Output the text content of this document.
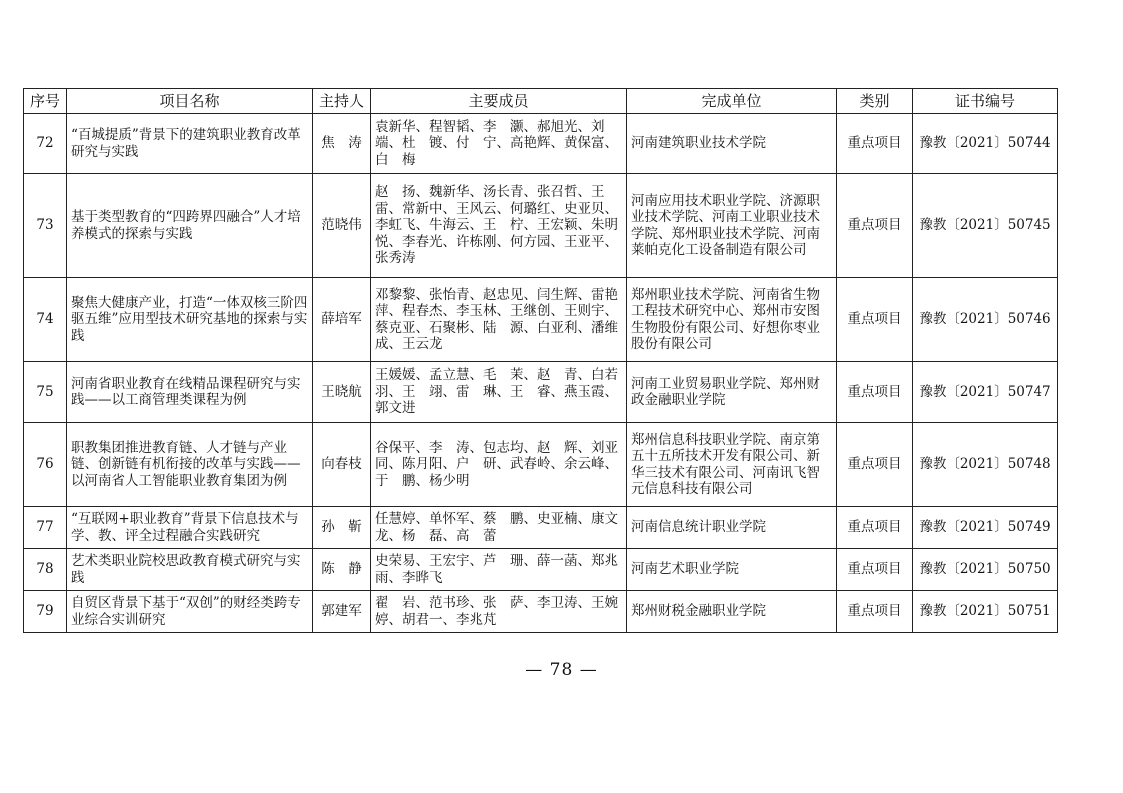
序号	项目名称	主持人	主要成员	完成单位	类别	证书编号
72	“百城提质”背景下的建筑职业教育改革研究与实践	焦　涛	袁新华、程智韬、李　灏、郝旭光、刘　端、杜　镀、付　宁、高艳辉、黄保富、白　梅	河南建筑职业技术学院	重点项目	豫教〔2021〕50744
73	基于类型教育的“四跨界四融合”人才培养模式的探索与实践	范晓伟	赵　扬、魏新华、汤长青、张召哲、王　雷、常新中、王风云、何璐红、史亚贝、李虹飞、牛海云、王　柠、王宏颖、朱明悦、李春光、许栋刚、何方园、王亚平、张秀涛	河南应用技术职业学院、济源职业技术学院、河南工业职业技术学院、郑州职业技术学院、河南莱帕克化工设备制造有限公司	重点项目	豫教〔2021〕50745
74	聚焦大健康产业，打造“一体双核三阶四驱五维”应用型技术研究基地的探索与实践	薛培军	邓黎黎、张怡青、赵忠见、闫生辉、雷艳萍、程春杰、李玉林、王继创、王则宇、蔡克亚、石聚彬、陆　源、白亚利、潘维成、王云龙	郑州职业技术学院、河南省生物工程技术研究中心、郑州市安图生物股份有限公司、好想你枣业股份有限公司	重点项目	豫教〔2021〕50746
75	河南省职业教育在线精品课程研究与实践——以工商管理类课程为例	王晓航	王媛媛、孟立慧、毛　茉、赵　青、白若羽、王　翊、雷　琳、王　睿、燕玉霞、郭文进	河南工业贸易职业学院、郑州财政金融职业学院	重点项目	豫教〔2021〕50747
76	职教集团推进教育链、人才链与产业链、创新链有机衔接的改革与实践——以河南省人工智能职业教育集团为例	向春枝	谷保平、李　涛、包志均、赵　辉、刘亚同、陈月阳、户　研、武春岭、余云峰、于　鹏、杨少明	郑州信息科技职业学院、南京第五十五所技术开发有限公司、新华三技术有限公司、河南讯飞智元信息科技有限公司	重点项目	豫教〔2021〕50748
77	“互联网+职业教育”背景下信息技术与学、教、评全过程融合实践研究	孙　靳	任慧婷、单怀军、蔡　鹏、史亚楠、康文龙、杨　磊、高　蕾	河南信息统计职业学院	重点项目	豫教〔2021〕50749
78	艺术类职业院校思政教育模式研究与实践	陈　静	史荣易、王宏宇、芦　珊、薛一菡、郑兆雨、李晔飞	河南艺术职业学院	重点项目	豫教〔2021〕50750
79	自贸区背景下基于“双创”的财经类跨专业综合实训研究	郭建军	翟　岩、范书珍、张　萨、李卫涛、王婉婷、胡君一、李兆芃	郑州财税金融职业学院	重点项目	豫教〔2021〕50751
— 78 —
